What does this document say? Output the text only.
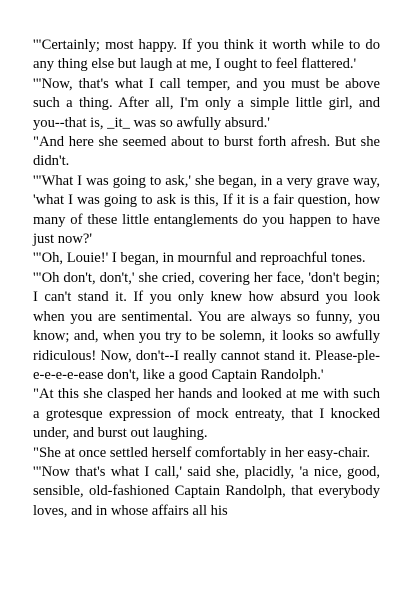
'"Certainly; most happy. If you think it worth while to do any thing else but laugh at me, I ought to feel flattered.'

'"Now, that's what I call temper, and you must be above such a thing. After all, I'm only a simple little girl, and you--that is, _it_ was so awfully absurd.'

"And here she seemed about to burst forth afresh. But she didn't.

'"What I was going to ask,' she began, in a very grave way, 'what I was going to ask is this, If it is a fair question, how many of these little entanglements do you happen to have just now?'

'"Oh, Louie!' I began, in mournful and reproachful tones.

'"Oh don't, don't,' she cried, covering her face, 'don't begin; I can't stand it. If you only knew how absurd you look when you are sentimental. You are always so funny, you know; and, when you try to be solemn, it looks so awfully ridiculous! Now, don't--I really cannot stand it. Please-ple-e-e-e-e-ease don't, like a good Captain Randolph.'

"At this she clasped her hands and looked at me with such a grotesque expression of mock entreaty, that I knocked under, and burst out laughing.

"She at once settled herself comfortably in her easy-chair.

'"Now that's what I call,' said she, placidly, 'a nice, good, sensible, old-fashioned Captain Randolph, that everybody loves, and in whose affairs all his
